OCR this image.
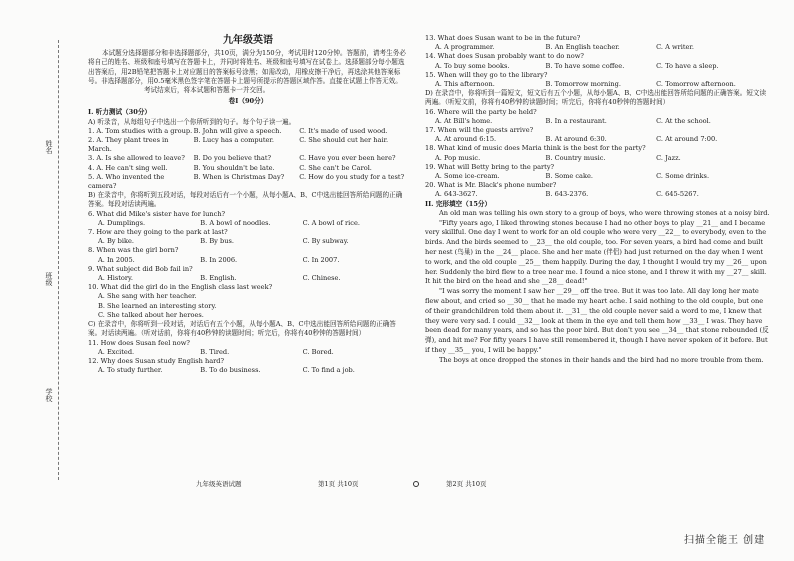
姓名
班级
学校
九年级英语

本试题分选择题部分和非选择题部分，共10页，满分为150分，考试用时120分钟。答题前，请考生务必将自己的姓名、班级和座号填写在答题卡上，并同时将姓名、班级和座号填写在试卷上。选择题部分每小题选出答案后，用2B铅笔把答题卡上对应题目的答案标号涂黑；如需改动，用橡皮擦干净后，再选涂其他答案标号。非选择题部分，用0.5毫米黑色签字笔在答题卡上题号所提示的答题区域作答。直接在试题上作答无效。

考试结束后，将本试题和答题卡一并交回。

卷Ⅰ（90分）
I. 听力测试（30分）

A) 听录音，从每组句子中选出一个你所听到的句子。每个句子读一遍。

1. A. Tom studies with a group. B. John will give a speech.	C. It's made of used wood.
2. A. They plant trees in March.
B. Lucy has a computer.	C. She should cut her hair.
3. A. Is she allowed to leave?	B. Do you believe that?	C. Have you ever been here?
4. A. He can't sing well.	B. You shouldn't be late.	C. She can't be Carol.
5. A. Who invented the camera?
B. When is Christmas Day?	C. How do you study for a test?

B) 在录音中，你将听到五段对话，每段对话后有一个小题，从每小题A、B、C中选出能回答所给问题的正确答案。每段对话读两遍。

6. What did Mike's sister have for lunch?

A. Dumplings.	B. A bowl of noodles.	C. A bowl of rice.

7. How are they going to the park at last?

A. By bike.	B. By bus.	C. By subway.

8. When was the girl born?

A. In 2005.	B. In 2006.	C. In 2007.

9. What subject did Bob fail in?

A. History.	B. English.	C. Chinese.

10. What did the girl do in the English class last week?

A. She sang with her teacher.

B. She learned an interesting story.

C. She talked about her heroes.

C) 在录音中，你将听到一段对话，对话后有五个小题，从每小题A、B、C中选出能回答所给问题的正确答案。对话读两遍。（听对话前，你将有40秒钟的读题时间；听完后，你将有40秒钟的答题时间）

11. How does Susan feel now?

A. Excited.	B. Tired.	C. Bored.

12. Why does Susan study English hard?

A. To study further.	B. To do business.	C. To find a job.

13. What does Susan want to be in the future?

A. A programmer.	B. An English teacher.	C. A writer.

14. What does Susan probably want to do now?

A. To buy some books.	B. To have some coffee.	C. To have a sleep.

15. When will they go to the library?

A. This afternoon.	B. Tomorrow morning.	C. Tomorrow afternoon.

D) 在录音中，你将听到一篇短文，短文后有五个小题，从每小题A、B、C中选出能回答所给问题的正确答案。短文读两遍。（听短文前，你将有40秒钟的读题时间；听完后，你将有40秒钟的答题时间）

16. Where will the party be held?

A. At Bill's home.	B. In a restaurant.	C. At the school.

17. When will the guests arrive?

A. At around 6:15.	B. At around 6:30.	C. At around 7:00.

18. What kind of music does Maria think is the best for the party?

A. Pop music.	B. Country music.	C. Jazz.

19. What will Betty bring to the party?

A. Some ice-cream.	B. Some cake.	C. Some drinks.

20. What is Mr. Black's phone number?

A. 643-3627.	B. 643-2376.	C. 645-5267.
II. 完形填空（15分）

An old man was telling his own story to a group of boys, who were throwing stones at a noisy bird.

"Fifty years ago, I liked throwing stones because I had no other boys to play __21__ and I became very skillful. One day I went to work for an old couple who were very __22__ to everybody, even to the birds. And the birds seemed to __23__ the old couple, too. For seven years, a bird had come and built her nest (鸟巢) in the __24__ place. She and her mate (伴侣) had just returned on the day when I went to work, and the old couple __25__ them happily. During the day, I thought I would try my __26__ upon her. Suddenly the bird flew to a tree near me. I found a nice stone, and I threw it with my __27__ skill. It hit the bird on the head and she __28__ dead!"

"I was sorry the moment I saw her __29__ off the tree. But it was too late. All day long her mate flew about, and cried so __30__ that he made my heart ache. I said nothing to the old couple, but one of their grandchildren told them about it. __31__ the old couple never said a word to me, I knew that they were very sad. I could __32__ look at them in the eye and tell them how __33__ I was. They have been dead for many years, and so has the poor bird. But don't you see __34__ that stone rebounded (反弹), and hit me? For fifty years I have still remembered it, though I have never spoken of it before. But if they __35__ you, I will be happy."

The boys at once dropped the stones in their hands and the bird had no more trouble from them.

九年级英语试题	第1页 共10页	第2页 共10页
扫描全能王 创建
